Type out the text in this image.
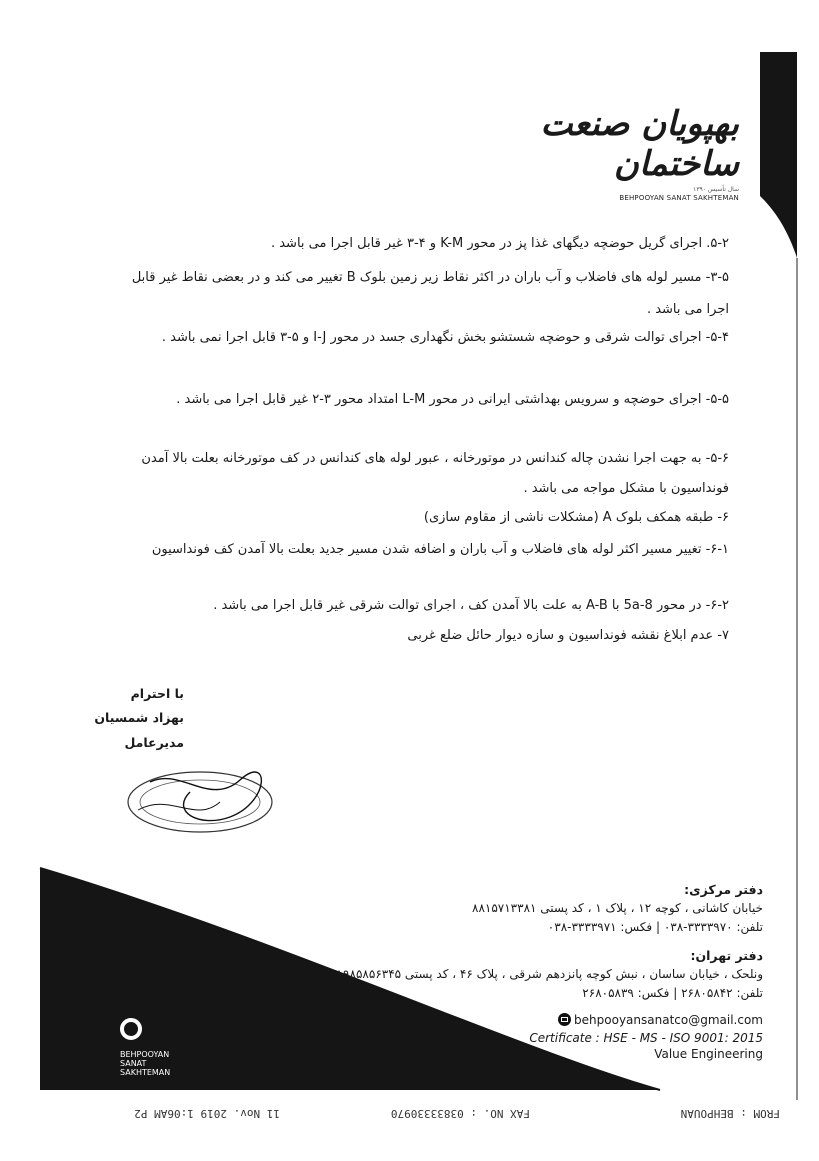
بهپویان صنعت ساختمان
سال تأسیس ۱۳۹۰
BEHPOOYAN SANAT SAKHTEMAN
۵-۲. اجرای گریل حوضچه دیگهای غذا پز در محور K-M و ۴-۳ غیر قابل اجرا می باشد .
۳-۵- مسیر لوله های فاضلاب و آب باران در اکثر نقاط زیر زمین بلوک B تغییر می کند و در بعضی نقاط غیر قابل اجرا می باشد .
۵-۴- اجرای توالت شرقی و حوضچه شستشو بخش نگهداری جسد در محور I-J و ۵-۳ قابل اجرا نمی باشد .
۵-۵- اجرای حوضچه و سرویس بهداشتی ایرانی در محور L-M امتداد محور ۳-۲ غیر قابل اجرا می باشد .
۵-۶- به جهت اجرا نشدن چاله کندانس در موتورخانه ، عبور لوله های کندانس در کف موتورخانه بعلت بالا آمدن فونداسیون با مشکل مواجه می باشد .
۶- طبقه همکف بلوک A (مشکلات ناشی از مقاوم سازی)
۶-۱- تغییر مسیر اکثر لوله های فاضلاب و آب باران و اضافه شدن مسیر جدید بعلت بالا آمدن کف فونداسیون
۶-۲- در محور 8-5a با A-B به علت بالا آمدن کف ، اجرای توالت شرقی غیر قابل اجرا می باشد .
۷- عدم ابلاغ نقشه فونداسیون و سازه دیوار حائل ضلع غربی
با احترام
بهزاد شمسیان
مدیرعامل
دفتر مرکزی:
خیابان کاشانی ، کوچه ۱۲ ، پلاک ۱ ، کد پستی ۸۸۱۵۷۱۳۳۸۱
تلفن: ۳۳۳۳۹۷۰-۰۳۸ | فکس: ۳۳۳۳۹۷۱-۰۳۸
دفتر تهران:
ونلحک ، خیابان ساسان ، نبش کوچه پانزدهم شرقی ، پلاک ۴۶ ، کد پستی ۱۹۸۵۸۵۶۳۴۵
تلفن: ۲۶۸۰۵۸۴۲ | فکس: ۲۶۸۰۵۸۳۹
behpooyansanatco@gmail.com
Certificate : HSE - MS - ISO 9001: 2015
Value Engineering
BEHPOOYAN
SANAT
SAKHTEMAN
FROM : BEHPOUAN
FAX NO. : 03833330970
11 Nov. 2019 1:06AM P2
